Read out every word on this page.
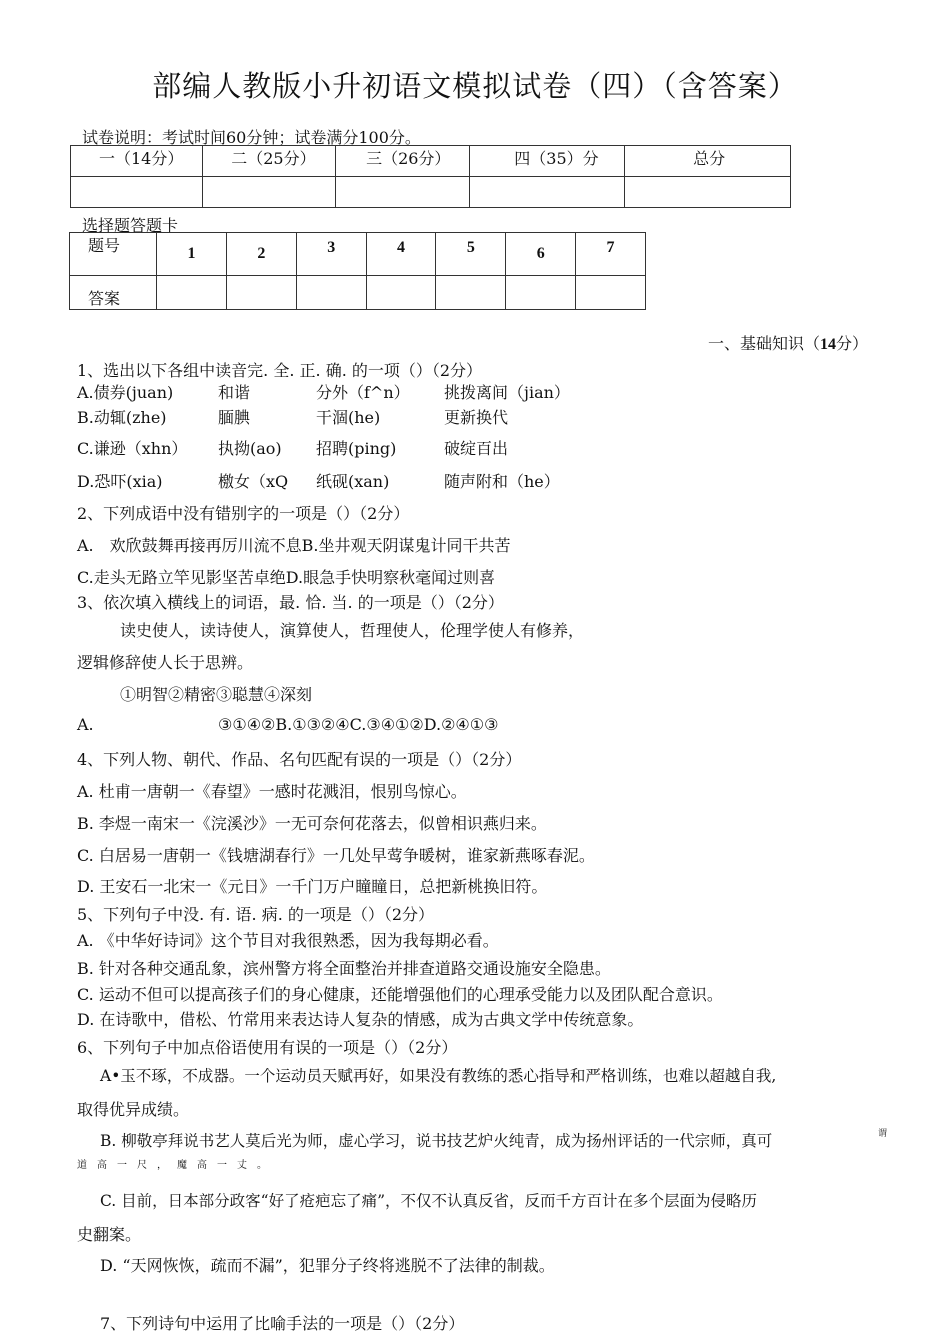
部编人教版小升初语文模拟试卷（四）（含答案）
试卷说明：考试时间60分钟；试卷满分100分。
一（14分）	二（25分）	三（26分）	四（35）分	总分

选择题答题卡
题号	1	2	3	4	5	6	7
答案							
一、基础知识（14分）
1、选出以下各组中读音完. 全. 正. 确. 的一项（）（2分）
A.债券(juan)	和谐	分外（f^n） 挑拨离间（jian）
B.动辄(zhe)	腼腆	干涸(he)	更新换代
C.谦逊（xhn） 执拗(ao) 招聘(ping)	破绽百出
D.恐吓(xia)	檄女（xQ 纸砚(xan)	随声附和（he）
2、下列成语中没有错别字的一项是（）（2分）
A.　欢欣鼓舞再接再厉川流不息B.坐井观天阴谋鬼计同干共苦
C.走头无路立竿见影坚苦卓绝D.眼急手快明察秋毫闻过则喜
3、依次填入横线上的词语，最. 恰. 当. 的一项是（）（2分）
读史使人，读诗使人，演算使人，哲理使人，伦理学使人有修养，
逻辑修辞使人长于思辨。
①明智②精密③聪慧④深刻
A.	③①④②B.①③②④C.③④①②D.②④①③
4、下列人物、朝代、作品、名句匹配有误的一项是（）（2分）
A. 杜甫一唐朝一《春望》一感时花溅泪，恨别鸟惊心。
B. 李煜一南宋一《浣溪沙》一无可奈何花落去，似曾相识燕归来。
C. 白居易一唐朝一《钱塘湖春行》一几处早莺争暖树，谁家新燕啄春泥。
D. 王安石一北宋一《元日》一千门万户瞳瞳日，总把新桃换旧符。
5、下列句子中没. 有. 语. 病. 的一项是（）（2分）
A. 《中华好诗词》这个节目对我很熟悉，因为我每期必看。
B. 针对各种交通乱象，滨州警方将全面整治并排查道路交通设施安全隐患。
C. 运动不但可以提高孩子们的身心健康，还能增强他们的心理承受能力以及团队配合意识。
D. 在诗歌中，借松、竹常用来表达诗人复杂的情感，成为古典文学中传统意象。
6、下列句子中加点俗语使用有误的一项是（）（2分）
A•玉不琢，不成器。一个运动员天赋再好，如果没有教练的悉心指导和严格训练，也难以超越自我,
取得优异成绩。
B. 柳敬亭拜说书艺人莫后光为师，虚心学习，说书技艺炉火纯青，成为扬州评话的一代宗师，真可	谓
道高一尺，魔高一丈。
C. 目前，日本部分政客“好了疮疤忘了痛”，不仅不认真反省，反而千方百计在多个层面为侵略历
史翻案。
D. “天网恢恢，疏而不漏”，犯罪分子终将逃脱不了法律的制裁。
7、下列诗句中运用了比喻手法的一项是（）（2分）
